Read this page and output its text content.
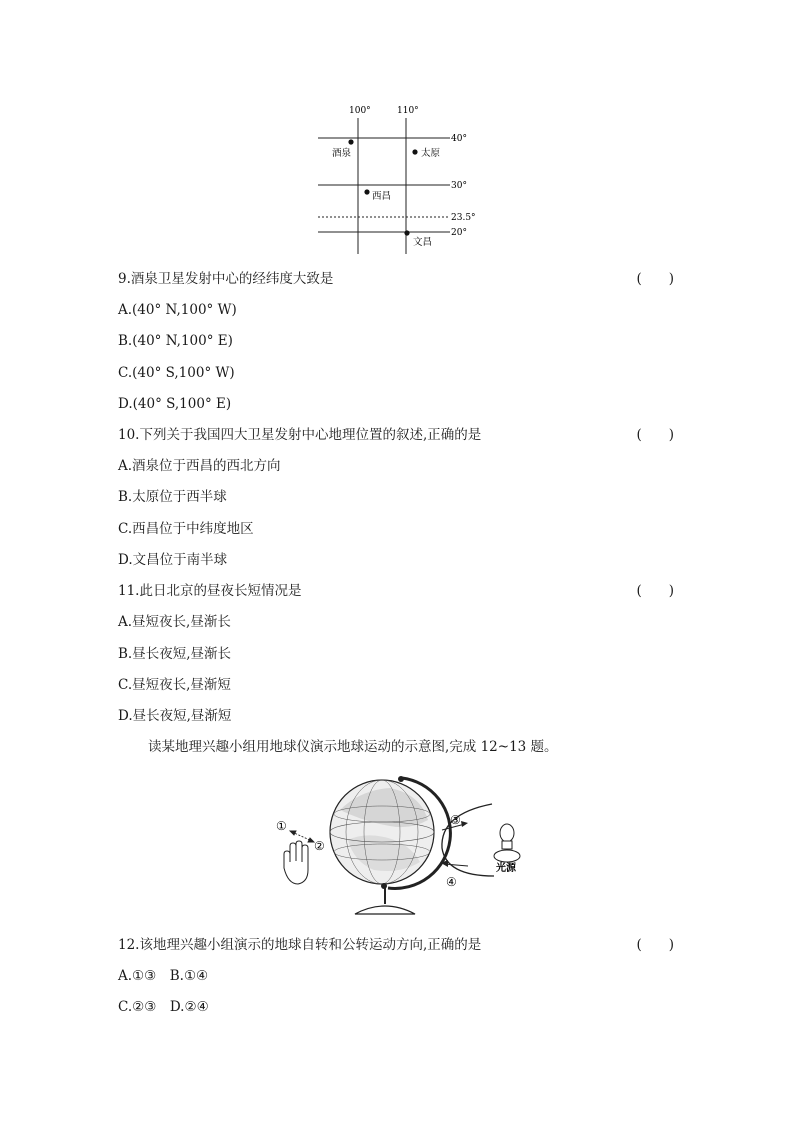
100°	110°
40°
30°
23.5°
20°
酒泉	太原
西昌
文昌
9.酒泉卫星发射中心的经纬度大致是	(　　)
A.(40° N,100° W)
B.(40° N,100° E)
C.(40° S,100° W)
D.(40° S,100° E)
10.下列关于我国四大卫星发射中心地理位置的叙述,正确的是	(　　)
A.酒泉位于西昌的西北方向
B.太原位于西半球
C.西昌位于中纬度地区
D.文昌位于南半球
11.此日北京的昼夜长短情况是	(　　)
A.昼短夜长,昼渐长
B.昼长夜短,昼渐长
C.昼短夜长,昼渐短
D.昼长夜短,昼渐短
读某地理兴趣小组用地球仪演示地球运动的示意图,完成 12~13 题。
①
②
③
④
光源
12.该地理兴趣小组演示的地球自转和公转运动方向,正确的是	(　　)
A.①③　B.①④
C.②③　D.②④
